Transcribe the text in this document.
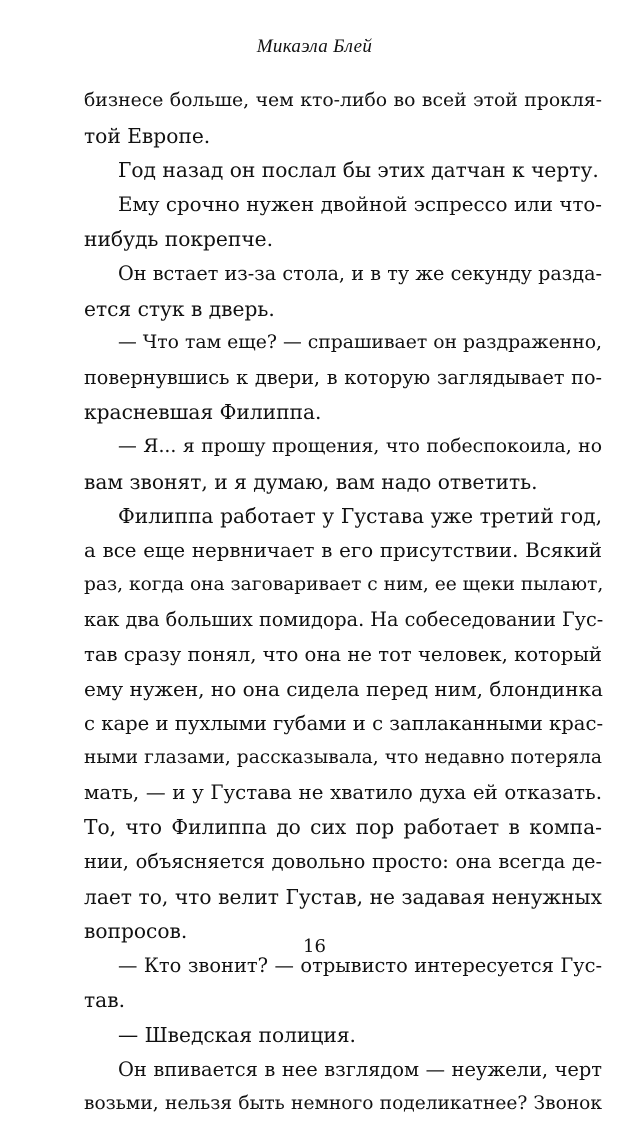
Микаэла Блей
бизнесе больше, чем кто-либо во всей этой прокля-
той Европе.
Год назад он послал бы этих датчан к черту.
Ему срочно нужен двойной эспрессо или что-
нибудь покрепче.
Он встает из-за стола, и в ту же секунду разда-
ется стук в дверь.
— Что там еще? — спрашивает он раздраженно,
повернувшись к двери, в которую заглядывает по-
красневшая Филиппа.
— Я... я прошу прощения, что побеспокоила, но
вам звонят, и я думаю, вам надо ответить.
Филиппа работает у Густава уже третий год,
а все еще нервничает в его присутствии. Всякий
раз, когда она заговаривает с ним, ее щеки пылают,
как два больших помидора. На собеседовании Гус-
тав сразу понял, что она не тот человек, который
ему нужен, но она сидела перед ним, блондинка
с каре и пухлыми губами и с заплаканными крас-
ными глазами, рассказывала, что недавно потеряла
мать, — и у Густава не хватило духа ей отказать.
То, что Филиппа до сих пор работает в компа-
нии, объясняется довольно просто: она всегда де-
лает то, что велит Густав, не задавая ненужных
вопросов.
— Кто звонит? — отрывисто интересуется Гус-
тав.
— Шведская полиция.
Он впивается в нее взглядом — неужели, черт
возьми, нельзя быть немного поделикатнее? Звонок
16
